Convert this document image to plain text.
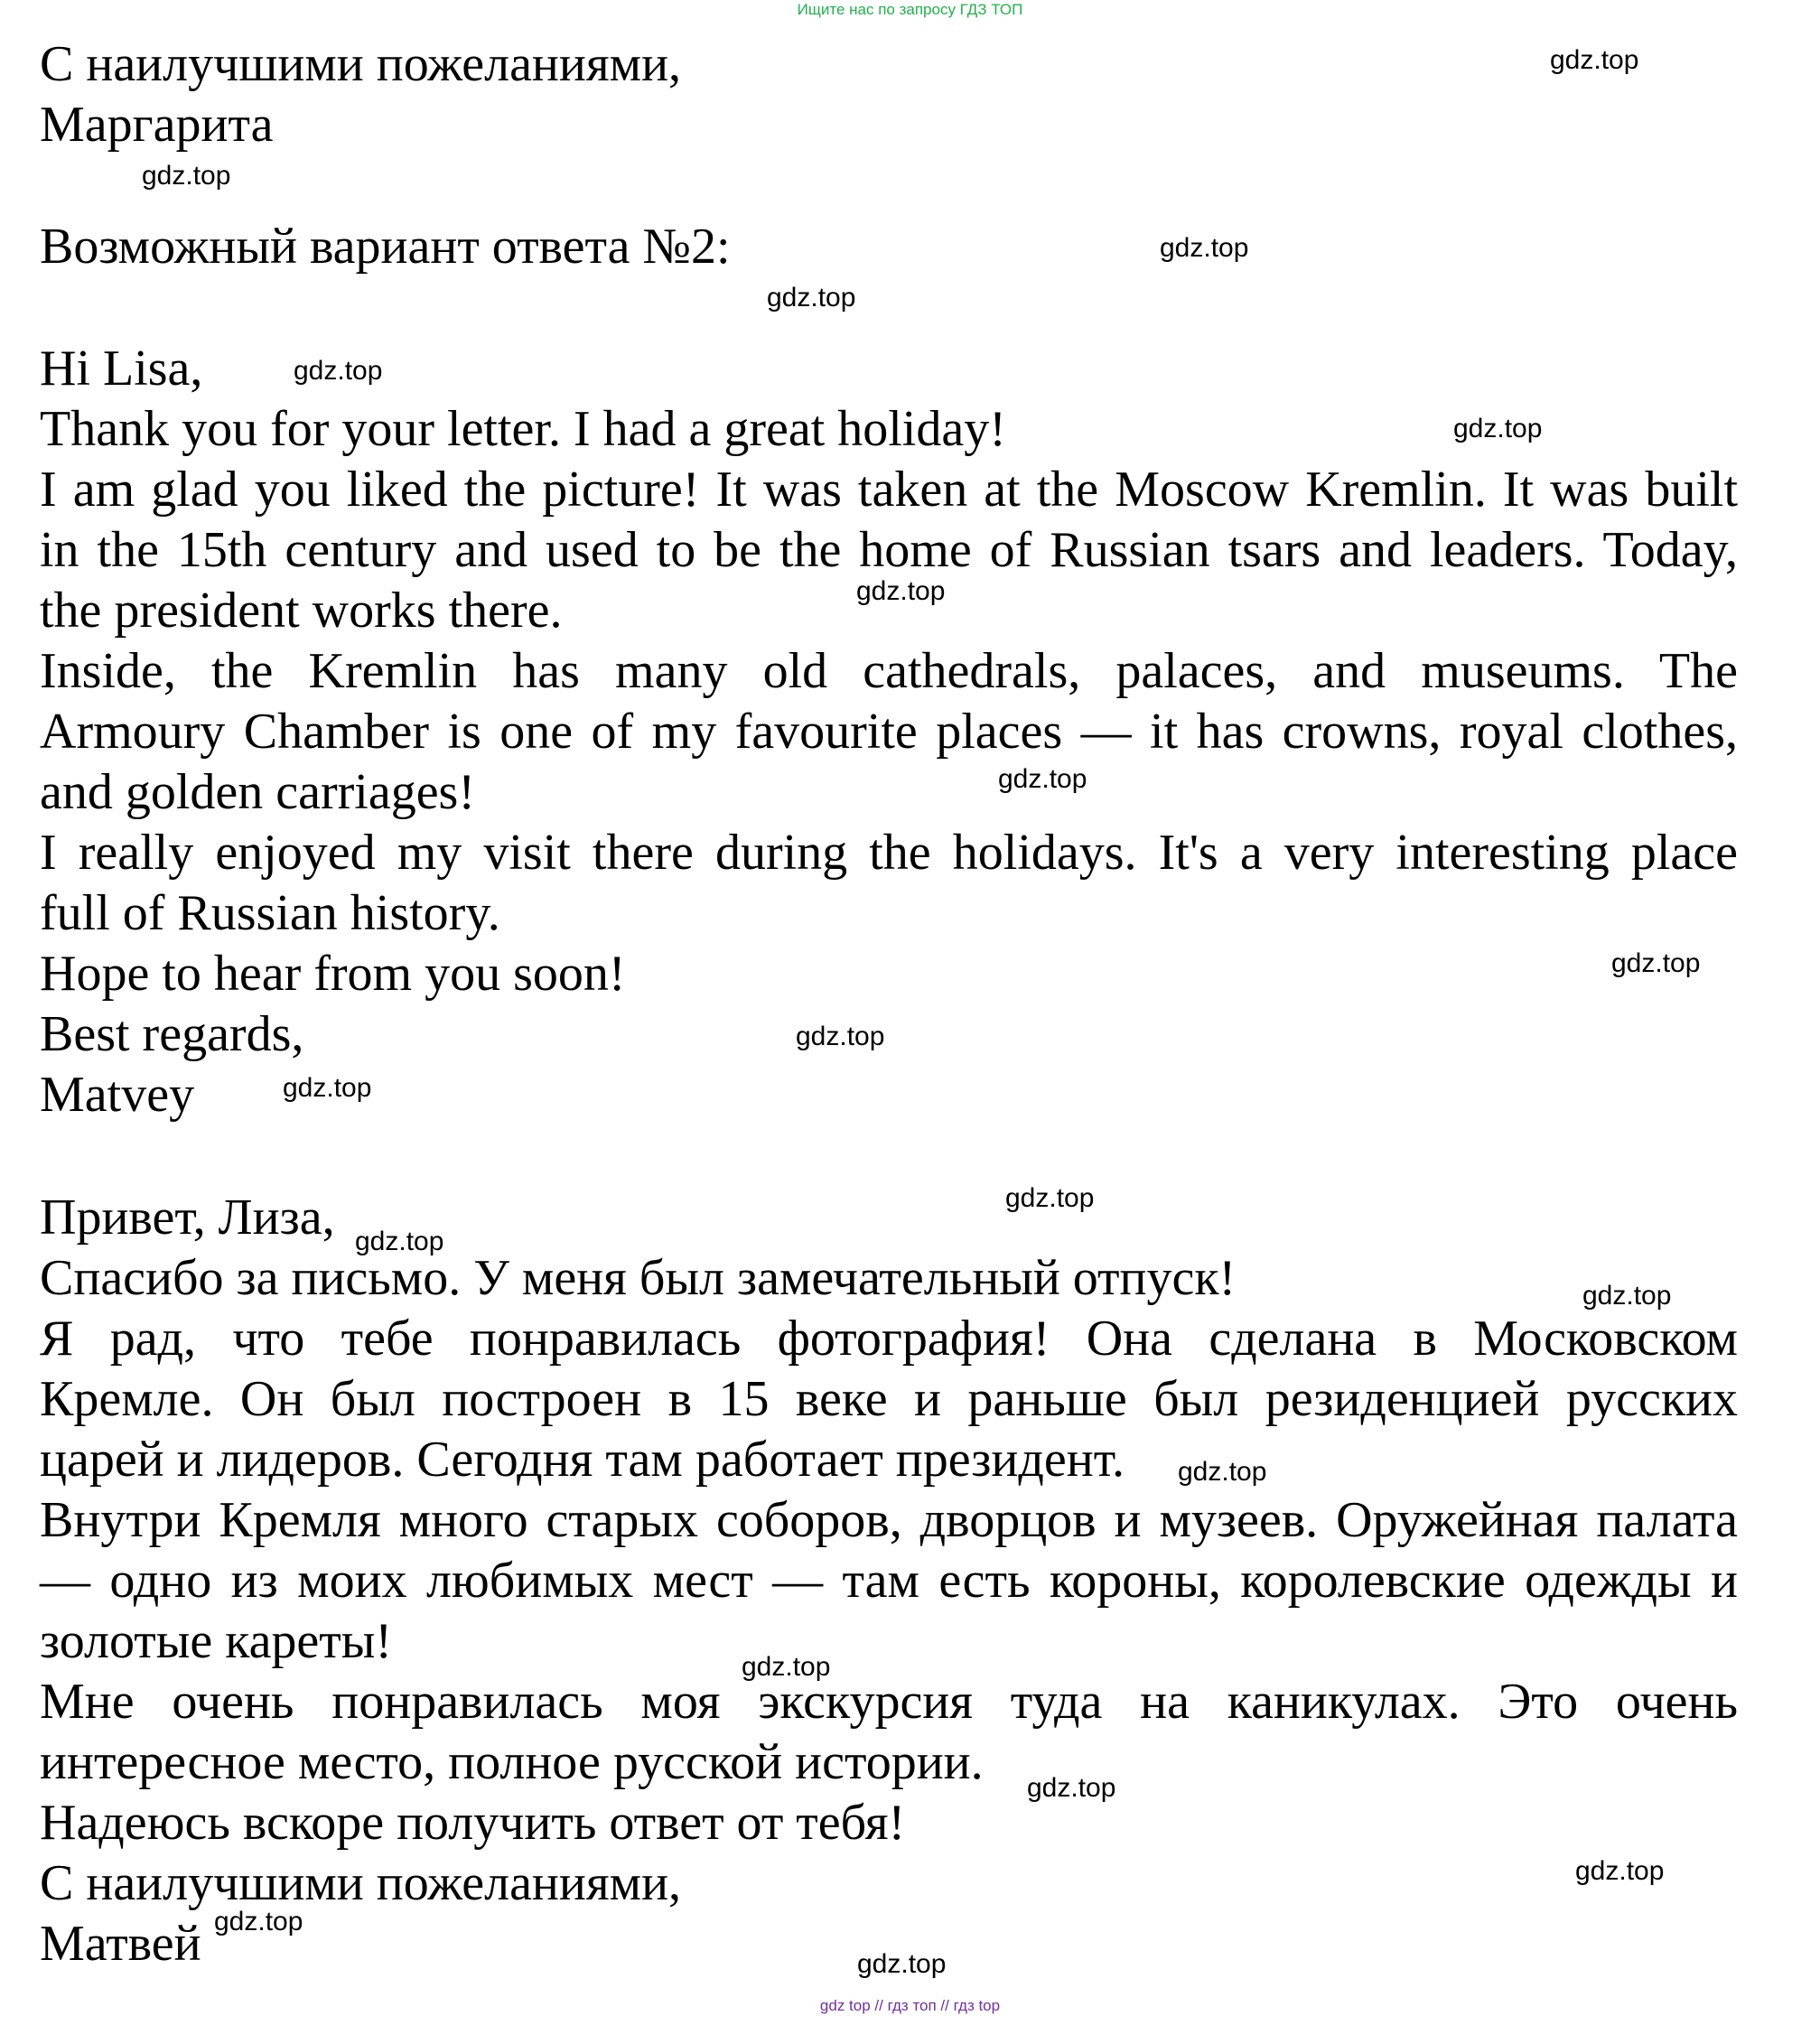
Ищите нас по запросу ГДЗ ТОП
С наилучшими пожеланиями,
Маргарита
Возможный вариант ответа №2:
Hi Lisa,
Thank you for your letter. I had a great holiday!
I am glad you liked the picture! It was taken at the Moscow Kremlin. It was built
in the 15th century and used to be the home of Russian tsars and leaders. Today,
the president works there.
Inside, the Kremlin has many old cathedrals, palaces, and museums. The
Armoury Chamber is one of my favourite places — it has crowns, royal clothes,
and golden carriages!
I really enjoyed my visit there during the holidays. It's a very interesting place
full of Russian history.
Hope to hear from you soon!
Best regards,
Matvey
Привет, Лиза,
Спасибо за письмо. У меня был замечательный отпуск!
Я рад, что тебе понравилась фотография! Она сделана в Московском
Кремле. Он был построен в 15 веке и раньше был резиденцией русских
царей и лидеров. Сегодня там работает президент.
Внутри Кремля много старых соборов, дворцов и музеев. Оружейная палата
— одно из моих любимых мест — там есть короны, королевские одежды и
золотые кареты!
Мне очень понравилась моя экскурсия туда на каникулах. Это очень
интересное место, полное русской истории.
Надеюсь вскоре получить ответ от тебя!
С наилучшими пожеланиями,
Матвей
gdz.top
gdz.top
gdz.top
gdz.top
gdz.top
gdz.top
gdz.top
gdz.top
gdz.top
gdz.top
gdz.top
gdz.top
gdz.top
gdz.top
gdz.top
gdz.top
gdz.top
gdz.top
gdz.top
gdz.top
gdz top // гдз топ // гдз top
